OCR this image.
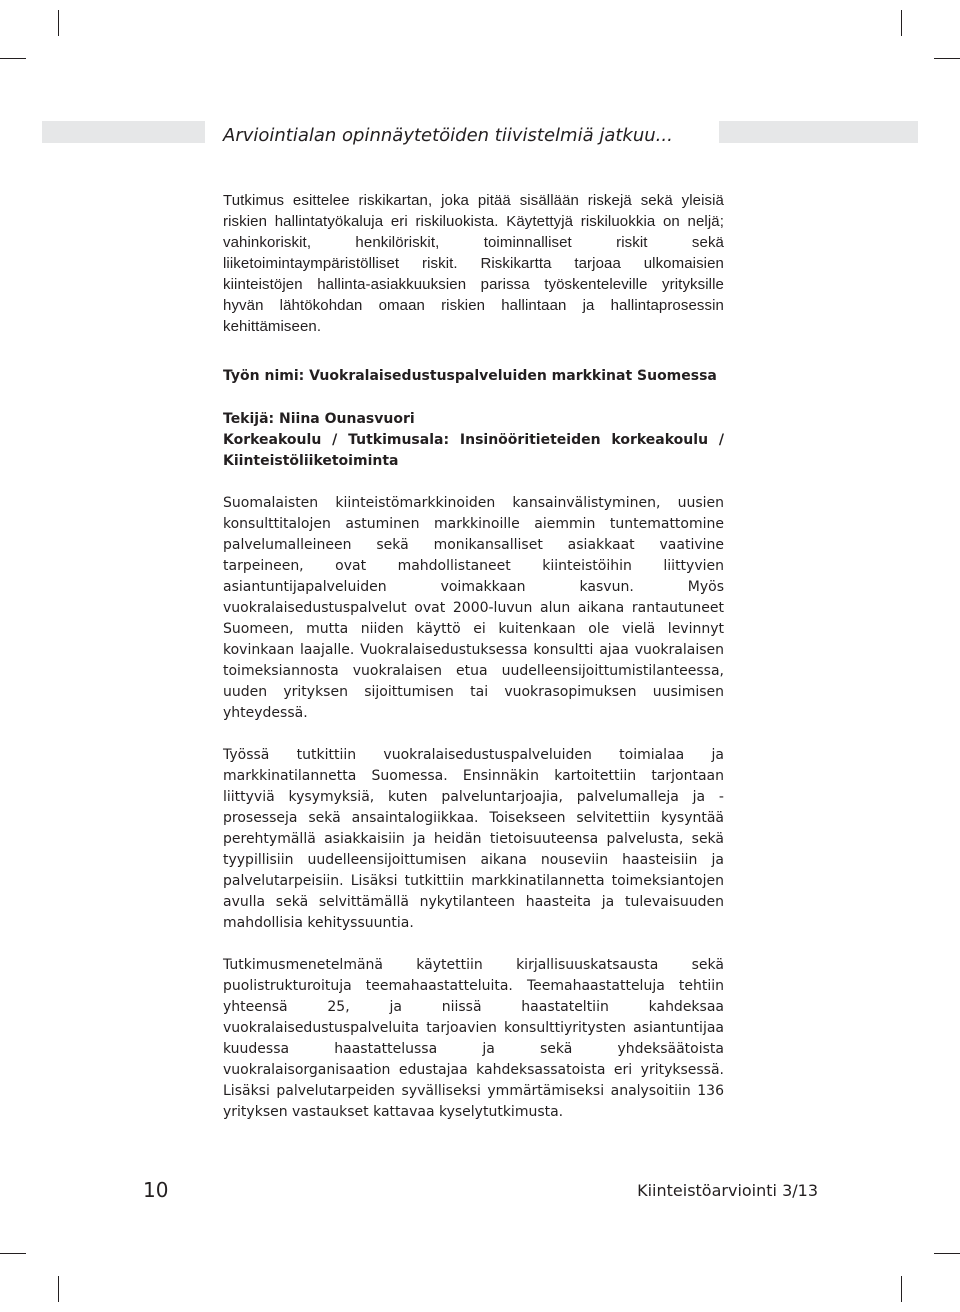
Arviointialan opinnäytetöiden tiivistelmiä jatkuu...

Tutkimus esittelee riskikartan, joka pitää sisällään riskejä sekä yleisiä riskien hallintatyökaluja eri riskiluokista. Käytettyjä riskiluokkia on neljä; vahinkoriskit, henkilöriskit, toiminnalliset riskit sekä liiketoimintaympäristölliset riskit. Riskikartta tarjoaa ulkomaisien kiinteistöjen hallinta-asiakkuuksien parissa työskenteleville yrityksille hyvän lähtökohdan omaan riskien hallintaan ja hallintaprosessin kehittämiseen.

Työn nimi: Vuokralaisedustuspalveluiden markkinat Suomessa

Tekijä: Niina Ounasvuori

Korkeakoulu / Tutkimusala: Insinööritieteiden korkeakoulu / Kiinteistöliiketoiminta

Suomalaisten kiinteistömarkkinoiden kansainvälistyminen, uusien konsulttitalojen astuminen markkinoille aiemmin tuntemattomine palvelumalleineen sekä monikansalliset asiakkaat vaativine tarpeineen, ovat mahdollistaneet kiinteistöihin liittyvien asiantuntijapalveluiden voimakkaan kasvun. Myös vuokralaisedustuspalvelut ovat 2000-luvun alun aikana rantautuneet Suomeen, mutta niiden käyttö ei kuitenkaan ole vielä levinnyt kovinkaan laajalle. Vuokralaisedustuksessa konsultti ajaa vuokralaisen toimeksiannosta vuokralaisen etua uudelleensijoittumistilanteessa, uuden yrityksen sijoittumisen tai vuokrasopimuksen uusimisen yhteydessä.

Työssä tutkittiin vuokralaisedustuspalveluiden toimialaa ja markkinatilannetta Suomessa. Ensinnäkin kartoitettiin tarjontaan liittyviä kysymyksiä, kuten palveluntarjoajia, palvelumalleja ja -prosesseja sekä ansaintalogiikkaa. Toisekseen selvitettiin kysyntää perehtymällä asiakkaisiin ja heidän tietoisuuteensa palvelusta, sekä tyypillisiin uudelleensijoittumisen aikana nouseviin haasteisiin ja palvelutarpeisiin. Lisäksi tutkittiin markkinatilannetta toimeksiantojen avulla sekä selvittämällä nykytilanteen haasteita ja tulevaisuuden mahdollisia kehityssuuntia.

Tutkimusmenetelmänä käytettiin kirjallisuuskatsausta sekä puolistrukturoituja teemahaastatteluita. Teemahaastatteluja tehtiin yhteensä 25, ja niissä haastateltiin kahdeksaa vuokralaisedustuspalveluita tarjoavien konsulttiyritysten asiantuntijaa kuudessa haastattelussa ja sekä yhdeksäätoista vuokralaisorganisaation edustajaa kahdeksassatoista eri yrityksessä. Lisäksi palvelutarpeiden syvälliseksi ymmärtämiseksi analysoitiin 136 yrityksen vastaukset kattavaa kyselytutkimusta.

10	Kiinteistöarviointi 3/13
